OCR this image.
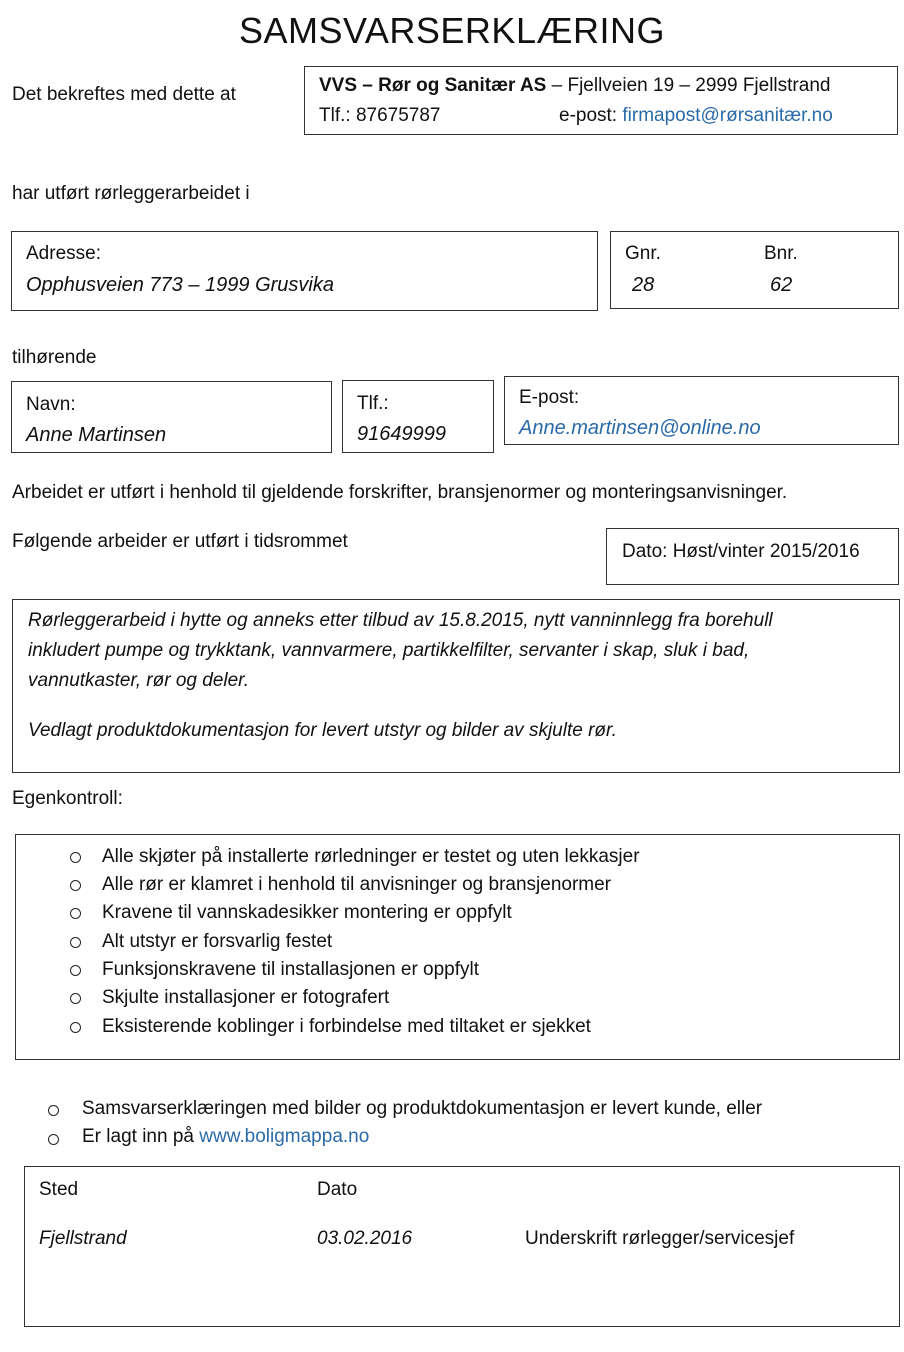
SAMSVARSERKLÆRING
Det bekreftes med dette at	VVS – Rør og Sanitær AS – Fjellveien 19 – 2999 Fjellstrand
Tlf.: 87675787	e-post: firmapost@rørsanitær.no
har utført rørleggerarbeidet i
Adresse:
Opphusveien 773 – 1999 Grusvika
Gnr.
28
Bnr.
62
tilhørende
Navn:
Anne Martinsen
Tlf.:
91649999
E-post:
Anne.martinsen@online.no
Arbeidet er utført i henhold til gjeldende forskrifter, bransjenormer og monteringsanvisninger.
Følgende arbeider er utført i tidsrommet	Dato: Høst/vinter 2015/2016
Rørleggerarbeid i hytte og anneks etter tilbud av 15.8.2015, nytt vanninnlegg fra borehull
inkludert pumpe og trykktank, vannvarmere, partikkelfilter, servanter i skap, sluk i bad,
vannutkaster, rør og deler.
Vedlagt produktdokumentasjon for levert utstyr og bilder av skjulte rør.
Egenkontroll:
Alle skjøter på installerte rørledninger er testet og uten lekkasjer
Alle rør er klamret i henhold til anvisninger og bransjenormer
Kravene til vannskadesikker montering er oppfylt
Alt utstyr er forsvarlig festet
Funksjonskravene til installasjonen er oppfylt
Skjulte installasjoner er fotografert
Eksisterende koblinger i forbindelse med tiltaket er sjekket
Samsvarserklæringen med bilder og produktdokumentasjon er levert kunde, eller
Er lagt inn på www.boligmappa.no
Sted	Dato
Fjellstrand	03.02.2016	Underskrift rørlegger/servicesjef
